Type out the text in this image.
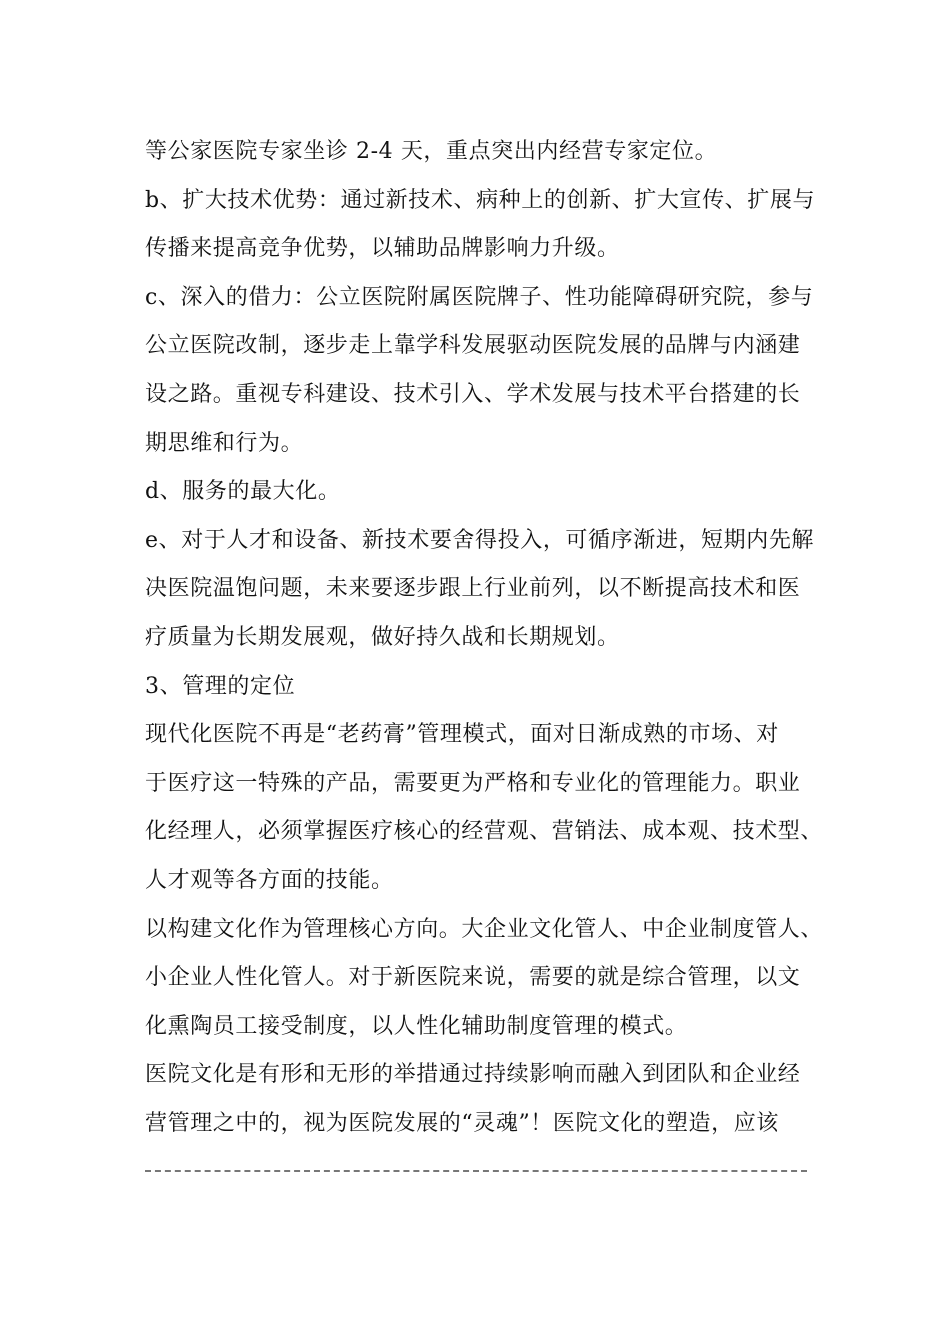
等公家医院专家坐诊 2-4 天，重点突出内经营专家定位。
b、扩大技术优势：通过新技术、病种上的创新、扩大宣传、扩展与
传播来提高竞争优势，以辅助品牌影响力升级。
c、深入的借力：公立医院附属医院牌子、性功能障碍研究院，参与
公立医院改制，逐步走上靠学科发展驱动医院发展的品牌与内涵建
设之路。重视专科建设、技术引入、学术发展与技术平台搭建的长
期思维和行为。
d、服务的最大化。
e、对于人才和设备、新技术要舍得投入，可循序渐进，短期内先解
决医院温饱问题，未来要逐步跟上行业前列，以不断提高技术和医
疗质量为长期发展观，做好持久战和长期规划。
3、管理的定位
现代化医院不再是“老药膏”管理模式，面对日渐成熟的市场、对
于医疗这一特殊的产品，需要更为严格和专业化的管理能力。职业
化经理人，必须掌握医疗核心的经营观、营销法、成本观、技术型、
人才观等各方面的技能。
以构建文化作为管理核心方向。大企业文化管人、中企业制度管人、
小企业人性化管人。对于新医院来说，需要的就是综合管理，以文
化熏陶员工接受制度，以人性化辅助制度管理的模式。
医院文化是有形和无形的举措通过持续影响而融入到团队和企业经
营管理之中的，视为医院发展的“灵魂”！医院文化的塑造，应该
